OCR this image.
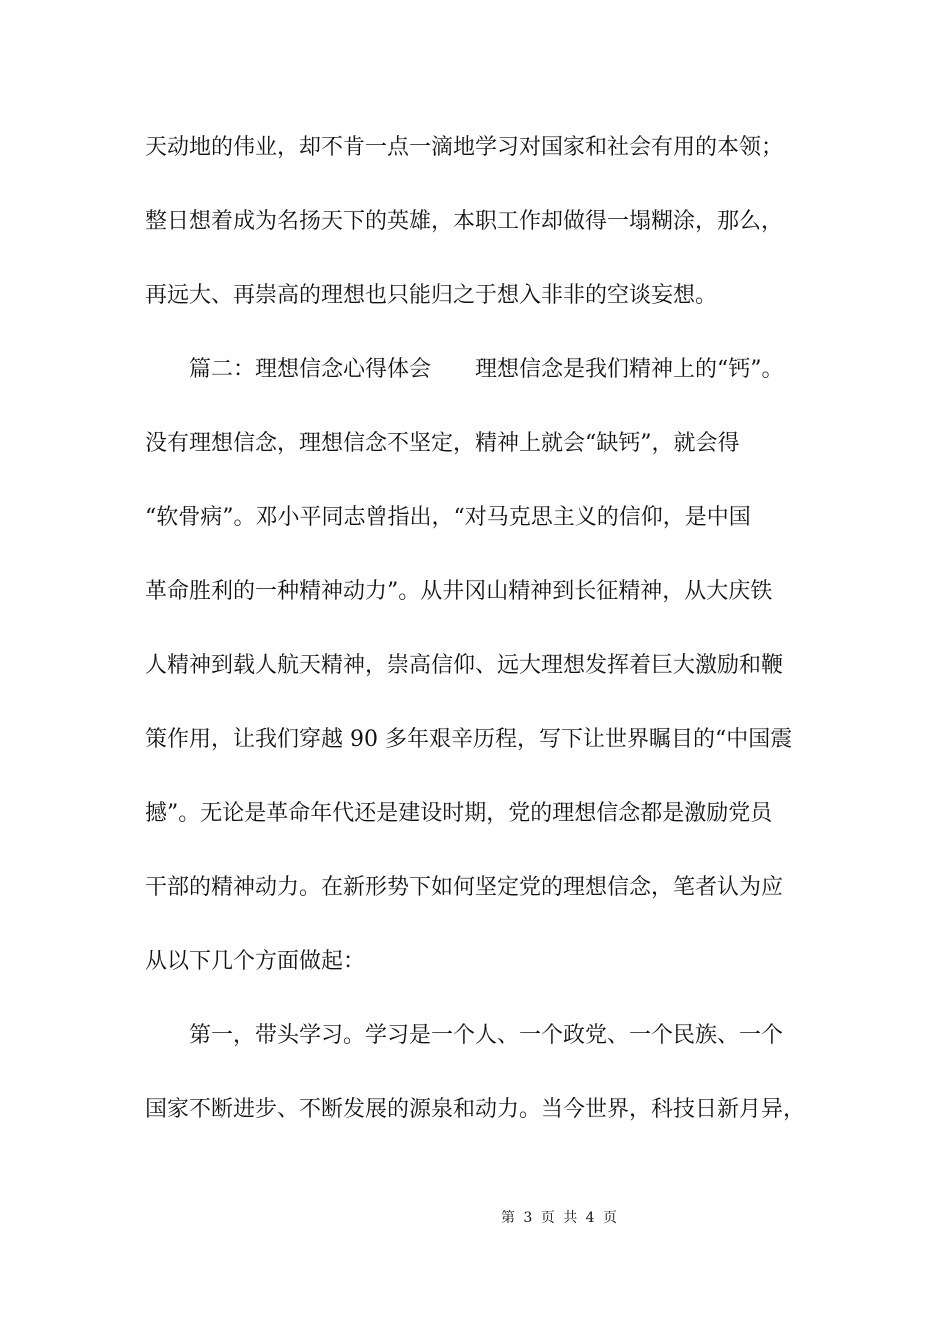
天动地的伟业，却不肯一点一滴地学习对国家和社会有用的本领；

整日想着成为名扬天下的英雄，本职工作却做得一塌糊涂，那么，

再远大、再崇高的理想也只能归之于想入非非的空谈妄想。

篇二：理想信念心得体会　　理想信念是我们精神上的“钙”。

没有理想信念，理想信念不坚定，精神上就会“缺钙”，就会得

“软骨病”。邓小平同志曾指出，“对马克思主义的信仰，是中国

革命胜利的一种精神动力”。从井冈山精神到长征精神，从大庆铁

人精神到载人航天精神，崇高信仰、远大理想发挥着巨大激励和鞭

策作用，让我们穿越 90 多年艰辛历程，写下让世界瞩目的“中国震

撼”。无论是革命年代还是建设时期，党的理想信念都是激励党员

干部的精神动力。在新形势下如何坚定党的理想信念，笔者认为应

从以下几个方面做起：

第一，带头学习。学习是一个人、一个政党、一个民族、一个

国家不断进步、不断发展的源泉和动力。当今世界，科技日新月异，

第 3 页 共 4 页
